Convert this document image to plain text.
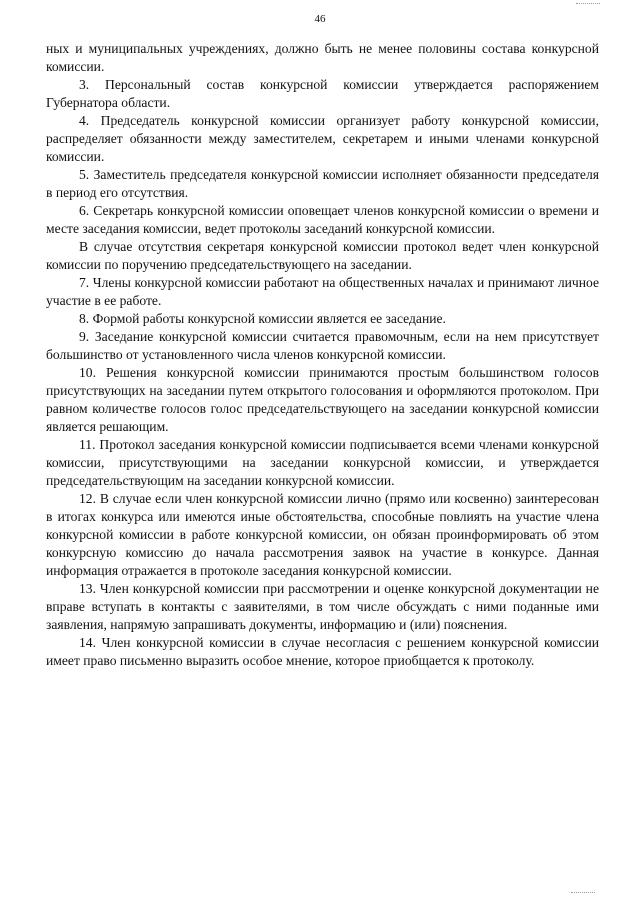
46

ных и муниципальных учреждениях, должно быть не менее половины состава конкурсной комиссии.

3. Персональный состав конкурсной комиссии утверждается распоряжением Губернатора области.

4. Председатель конкурсной комиссии организует работу конкурсной комиссии, распределяет обязанности между заместителем, секретарем и иными членами конкурсной комиссии.

5. Заместитель председателя конкурсной комиссии исполняет обязанности председателя в период его отсутствия.

6. Секретарь конкурсной комиссии оповещает членов конкурсной комиссии о времени и месте заседания комиссии, ведет протоколы заседаний конкурсной комиссии.

В случае отсутствия секретаря конкурсной комиссии протокол ведет член конкурсной комиссии по поручению председательствующего на заседании.

7. Члены конкурсной комиссии работают на общественных началах и принимают личное участие в ее работе.

8. Формой работы конкурсной комиссии является ее заседание.

9. Заседание конкурсной комиссии считается правомочным, если на нем присутствует большинство от установленного числа членов конкурсной комиссии.

10. Решения конкурсной комиссии принимаются простым большинством голосов присутствующих на заседании путем открытого голосования и оформляются протоколом. При равном количестве голосов голос председательствующего на заседании конкурсной комиссии является решающим.

11. Протокол заседания конкурсной комиссии подписывается всеми членами конкурсной комиссии, присутствующими на заседании конкурсной комиссии, и утверждается председательствующим на заседании конкурсной комиссии.

12. В случае если член конкурсной комиссии лично (прямо или косвенно) заинтересован в итогах конкурса или имеются иные обстоятельства, способные повлиять на участие члена конкурсной комиссии в работе конкурсной комиссии, он обязан проинформировать об этом конкурсную комиссию до начала рассмотрения заявок на участие в конкурсе. Данная информация отражается в протоколе заседания конкурсной комиссии.

13. Член конкурсной комиссии при рассмотрении и оценке конкурсной документации не вправе вступать в контакты с заявителями, в том числе обсуждать с ними поданные ими заявления, напрямую запрашивать документы, информацию и (или) пояснения.

14. Член конкурсной комиссии в случае несогласия с решением конкурсной комиссии имеет право письменно выразить особое мнение, которое приобщается к протоколу.
